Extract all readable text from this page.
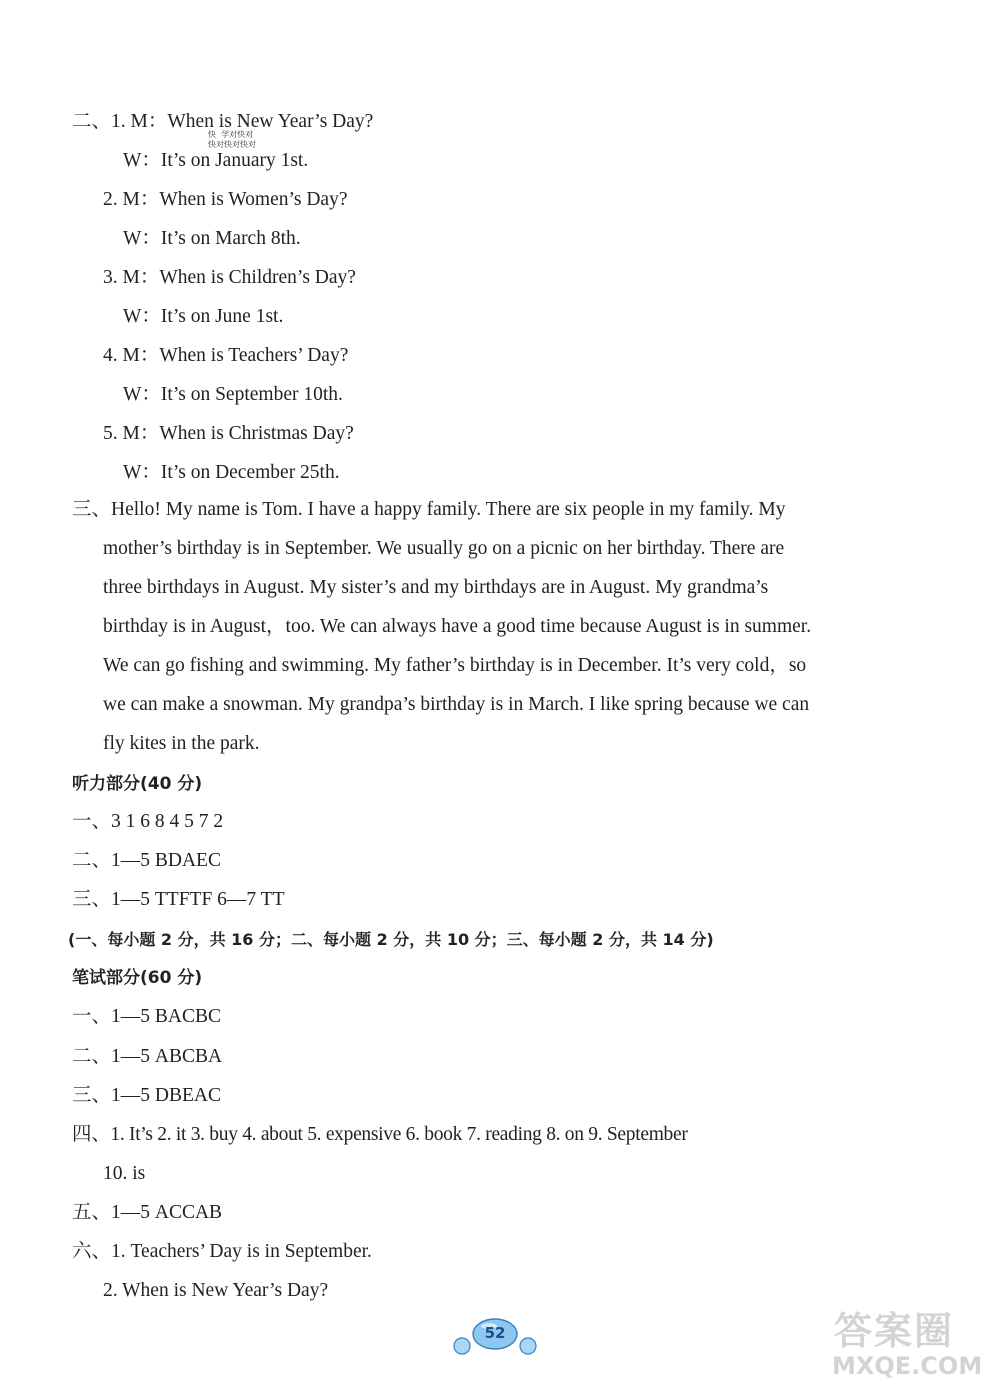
二、1. M：When is New Year’s Day?
快  学对快对
快对快对快对
W：It’s on January 1st.
2. M：When is Women’s Day?
W：It’s on March 8th.
3. M：When is Children’s Day?
W：It’s on June 1st.
4. M：When is Teachers’ Day?
W：It’s on September 10th.
5. M：When is Christmas Day?
W：It’s on December 25th.
三、Hello! My name is Tom. I have a happy family. There are six people in my family. My
mother’s birthday is in September. We usually go on a picnic on her birthday. There are
three birthdays in August. My sister’s and my birthdays are in August. My grandma’s
birthday is in August，too. We can always have a good time because August is in summer.
We can go fishing and swimming. My father’s birthday is in December. It’s very cold，so
we can make a snowman. My grandpa’s birthday is in March. I like spring because we can
fly kites in the park.
听力部分(40 分)
一、3 1 6 8 4 5 7 2
二、1—5 BDAEC
三、1—5 TTFTF 6—7 TT
(一、每小题 2 分，共 16 分；二、每小题 2 分，共 10 分；三、每小题 2 分，共 14 分)
笔试部分(60 分)
一、1—5 BACBC
二、1—5 ABCBA
三、1—5 DBEAC
四、1. It’s 2. it 3. buy 4. about 5. expensive 6. book 7. reading 8. on 9. September
10. is
五、1—5 ACCAB
六、1. Teachers’ Day is in September.
2. When is New Year’s Day?
52	答案圈
MXQE.COM
